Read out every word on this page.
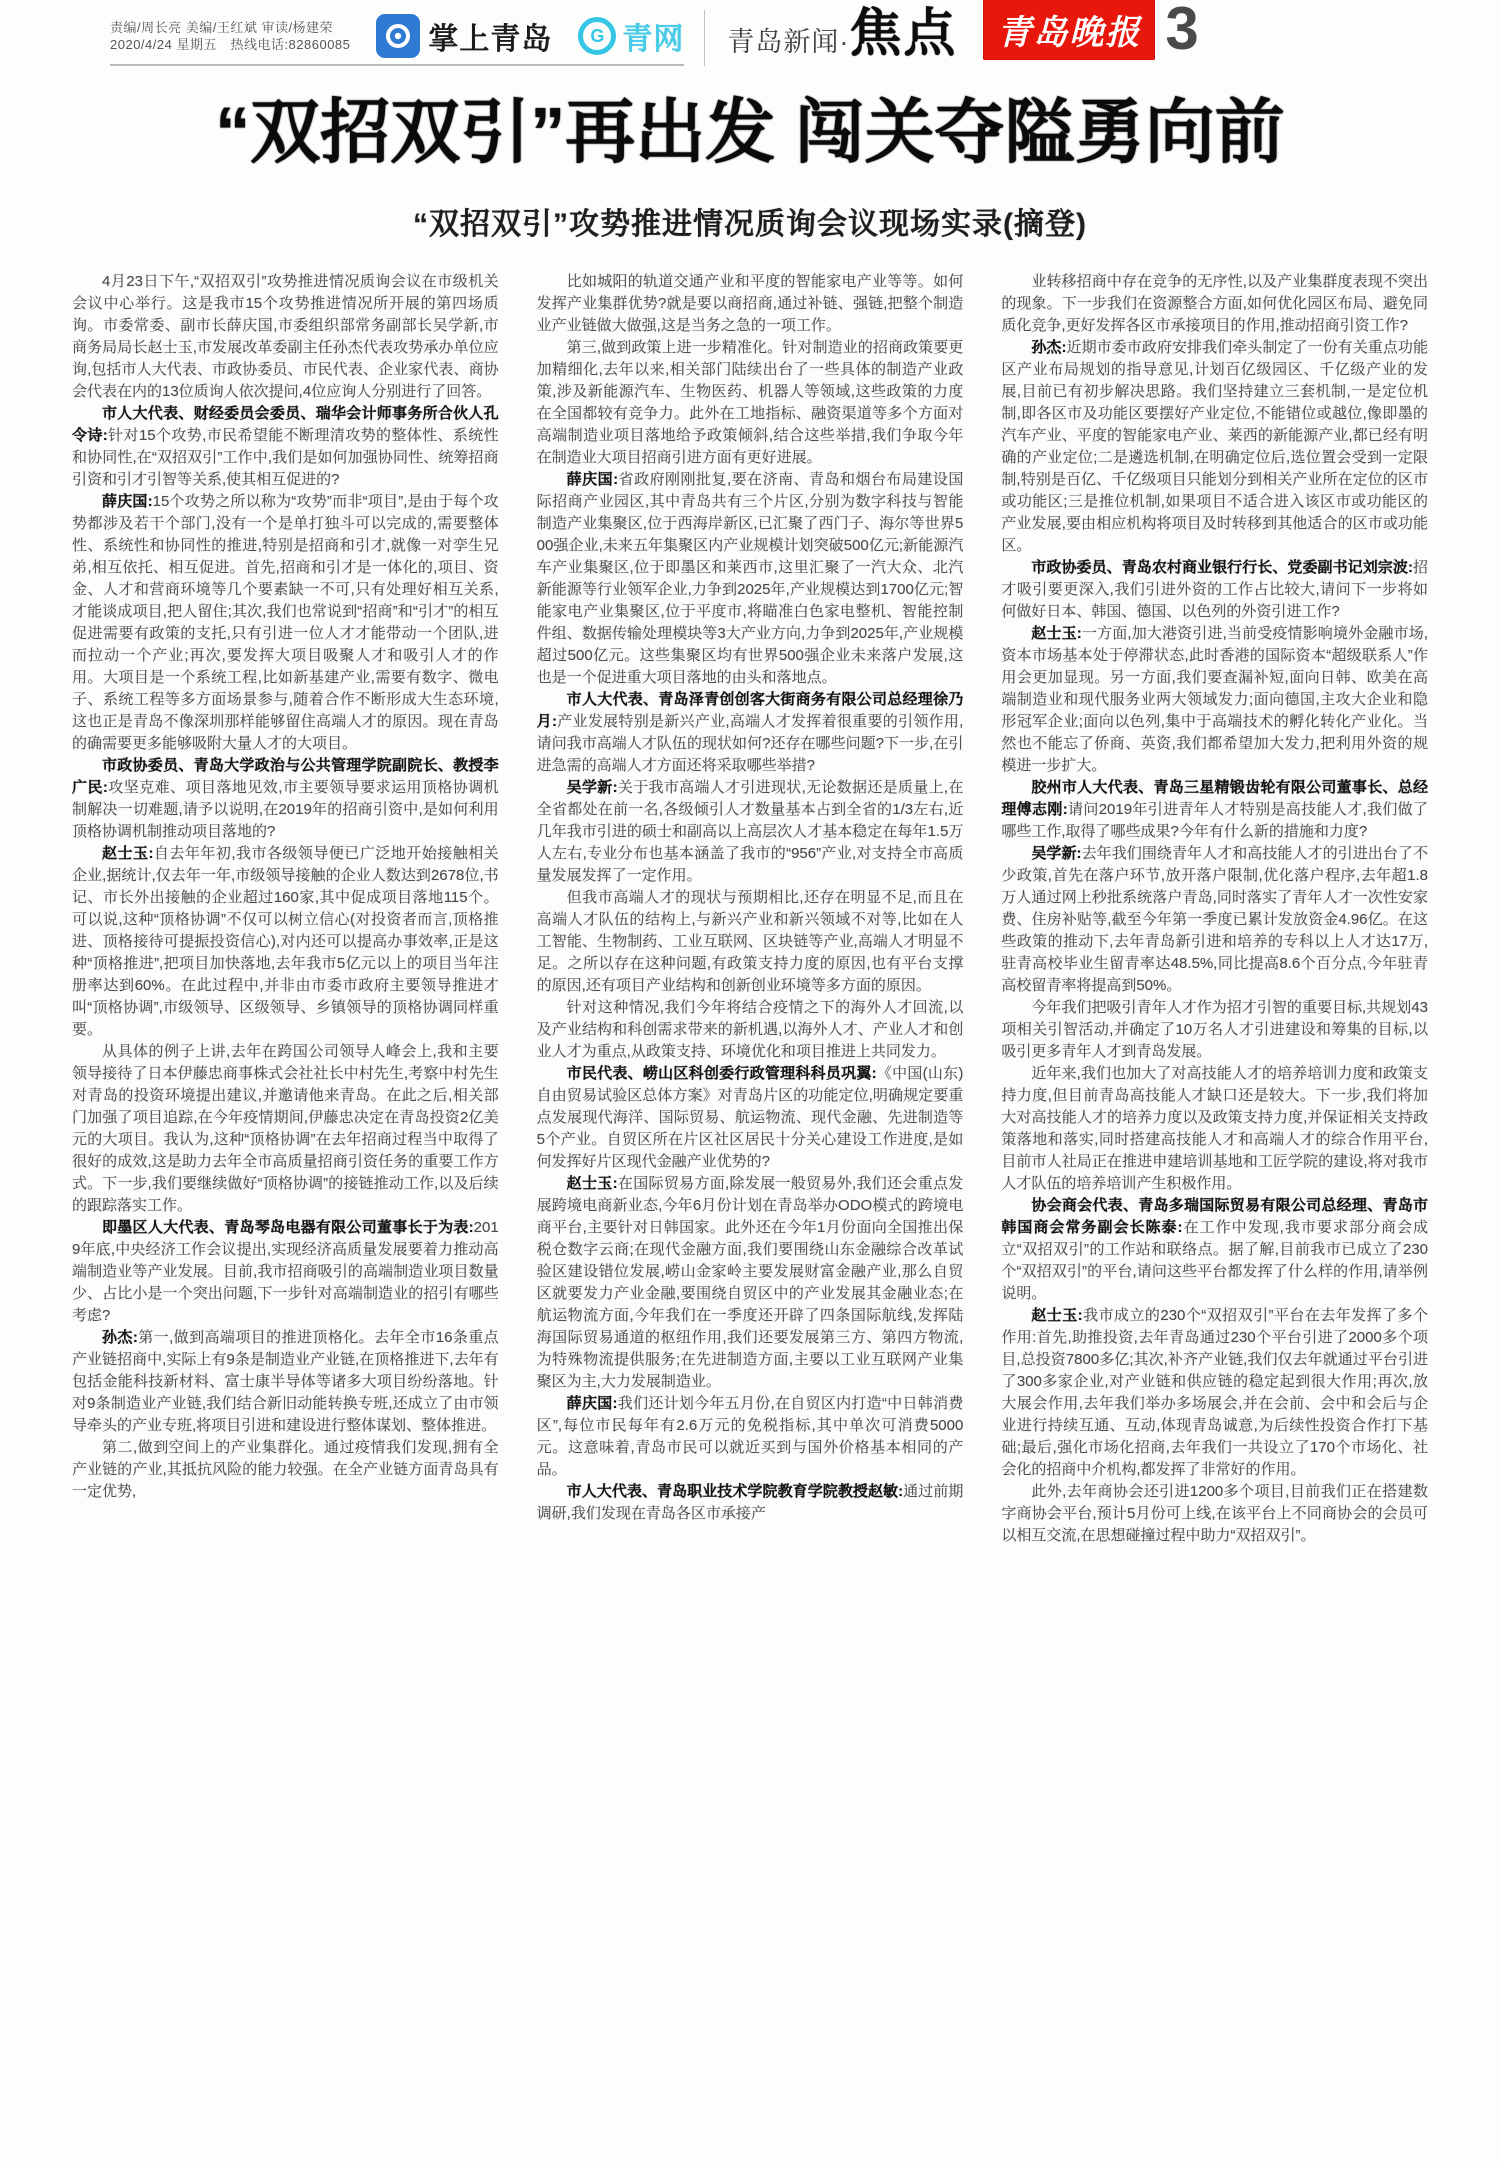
责编/周长亮 美编/王红斌 审读/杨建荣
2020/4/24 星期五　热线电话:82860085	掌上青岛	G 青网 青岛新闻· 焦点	青岛晚报 3
“双招双引”再出发 闯关夺隘勇向前
“双招双引”攻势推进情况质询会议现场实录(摘登)

4月23日下午,“双招双引”攻势推进情况质询会议在市级机关会议中心举行。这是我市15个攻势推进情况所开展的第四场质询。市委常委、副市长薛庆国,市委组织部常务副部长吴学新,市商务局局长赵士玉,市发展改革委副主任孙杰代表攻势承办单位应询,包括市人大代表、市政协委员、市民代表、企业家代表、商协会代表在内的13位质询人依次提问,4位应询人分别进行了回答。

市人大代表、财经委员会委员、瑞华会计师事务所合伙人孔令诗:针对15个攻势,市民希望能不断理清攻势的整体性、系统性和协同性,在“双招双引”工作中,我们是如何加强协同性、统筹招商引资和引才引智等关系,使其相互促进的?

薛庆国:15个攻势之所以称为“攻势”而非“项目”,是由于每个攻势都涉及若干个部门,没有一个是单打独斗可以完成的,需要整体性、系统性和协同性的推进,特别是招商和引才,就像一对孪生兄弟,相互依托、相互促进。首先,招商和引才是一体化的,项目、资金、人才和营商环境等几个要素缺一不可,只有处理好相互关系,才能谈成项目,把人留住;其次,我们也常说到“招商”和“引才”的相互促进需要有政策的支托,只有引进一位人才才能带动一个团队,进而拉动一个产业;再次,要发挥大项目吸聚人才和吸引人才的作用。大项目是一个系统工程,比如新基建产业,需要有数字、微电子、系统工程等多方面场景参与,随着合作不断形成大生态环境,这也正是青岛不像深圳那样能够留住高端人才的原因。现在青岛的确需要更多能够吸附大量人才的大项目。

市政协委员、青岛大学政治与公共管理学院副院长、教授李广民:攻坚克难、项目落地见效,市主要领导要求运用顶格协调机制解决一切难题,请予以说明,在2019年的招商引资中,是如何利用顶格协调机制推动项目落地的?

赵士玉:自去年年初,我市各级领导便已广泛地开始接触相关企业,据统计,仅去年一年,市级领导接触的企业人数达到2678位,书记、市长外出接触的企业超过160家,其中促成项目落地115个。可以说,这种“顶格协调”不仅可以树立信心(对投资者而言,顶格推进、顶格接待可提振投资信心),对内还可以提高办事效率,正是这种“顶格推进”,把项目加快落地,去年我市5亿元以上的项目当年注册率达到60%。在此过程中,并非由市委市政府主要领导推进才叫“顶格协调”,市级领导、区级领导、乡镇领导的顶格协调同样重要。

从具体的例子上讲,去年在跨国公司领导人峰会上,我和主要领导接待了日本伊藤忠商事株式会社社长中村先生,考察中村先生对青岛的投资环境提出建议,并邀请他来青岛。在此之后,相关部门加强了项目追踪,在今年疫情期间,伊藤忠决定在青岛投资2亿美元的大项目。我认为,这种“顶格协调”在去年招商过程当中取得了很好的成效,这是助力去年全市高质量招商引资任务的重要工作方式。下一步,我们要继续做好“顶格协调”的接链推动工作,以及后续的跟踪落实工作。

即墨区人大代表、青岛琴岛电器有限公司董事长于为表:2019年底,中央经济工作会议提出,实现经济高质量发展要着力推动高端制造业等产业发展。目前,我市招商吸引的高端制造业项目数量少、占比小是一个突出问题,下一步针对高端制造业的招引有哪些考虑?

孙杰:第一,做到高端项目的推进顶格化。去年全市16条重点产业链招商中,实际上有9条是制造业产业链,在顶格推进下,去年有包括金能科技新材料、富士康半导体等诸多大项目纷纷落地。针对9条制造业产业链,我们结合新旧动能转换专班,还成立了由市领导牵头的产业专班,将项目引进和建设进行整体谋划、整体推进。

第二,做到空间上的产业集群化。通过疫情我们发现,拥有全产业链的产业,其抵抗风险的能力较强。在全产业链方面青岛具有一定优势,

比如城阳的轨道交通产业和平度的智能家电产业等等。如何发挥产业集群优势?就是要以商招商,通过补链、强链,把整个制造业产业链做大做强,这是当务之急的一项工作。

第三,做到政策上进一步精准化。针对制造业的招商政策要更加精细化,去年以来,相关部门陆续出台了一些具体的制造产业政策,涉及新能源汽车、生物医药、机器人等领域,这些政策的力度在全国都较有竞争力。此外在工地指标、融资渠道等多个方面对高端制造业项目落地给予政策倾斜,结合这些举措,我们争取今年在制造业大项目招商引进方面有更好进展。

薛庆国:省政府刚刚批复,要在济南、青岛和烟台布局建设国际招商产业园区,其中青岛共有三个片区,分别为数字科技与智能制造产业集聚区,位于西海岸新区,已汇聚了西门子、海尔等世界500强企业,未来五年集聚区内产业规模计划突破500亿元;新能源汽车产业集聚区,位于即墨区和莱西市,这里汇聚了一汽大众、北汽新能源等行业领军企业,力争到2025年,产业规模达到1700亿元;智能家电产业集聚区,位于平度市,将瞄准白色家电整机、智能控制件组、数据传输处理模块等3大产业方向,力争到2025年,产业规模超过500亿元。这些集聚区均有世界500强企业未来落户发展,这也是一个促进重大项目落地的由头和落地点。

市人大代表、青岛泽青创创客大街商务有限公司总经理徐乃月:产业发展特别是新兴产业,高端人才发挥着很重要的引领作用,请问我市高端人才队伍的现状如何?还存在哪些问题?下一步,在引进急需的高端人才方面还将采取哪些举措?

吴学新:关于我市高端人才引进现状,无论数据还是质量上,在全省都处在前一名,各级倾引人才数量基本占到全省的1/3左右,近几年我市引进的硕士和副高以上高层次人才基本稳定在每年1.5万人左右,专业分布也基本涵盖了我市的“956”产业,对支持全市高质量发展发挥了一定作用。

但我市高端人才的现状与预期相比,还存在明显不足,而且在高端人才队伍的结构上,与新兴产业和新兴领域不对等,比如在人工智能、生物制药、工业互联网、区块链等产业,高端人才明显不足。之所以存在这种问题,有政策支持力度的原因,也有平台支撑的原因,还有项目产业结构和创新创业环境等多方面的原因。

针对这种情况,我们今年将结合疫情之下的海外人才回流,以及产业结构和科创需求带来的新机遇,以海外人才、产业人才和创业人才为重点,从政策支持、环境优化和项目推进上共同发力。

市民代表、崂山区科创委行政管理科科员巩翼:《中国(山东)自由贸易试验区总体方案》对青岛片区的功能定位,明确规定要重点发展现代海洋、国际贸易、航运物流、现代金融、先进制造等5个产业。自贸区所在片区社区居民十分关心建设工作进度,是如何发挥好片区现代金融产业优势的?

赵士玉:在国际贸易方面,除发展一般贸易外,我们还会重点发展跨境电商新业态,今年6月份计划在青岛举办ODO模式的跨境电商平台,主要针对日韩国家。此外还在今年1月份面向全国推出保税仓数字云商;在现代金融方面,我们要围绕山东金融综合改革试验区建设错位发展,崂山金家岭主要发展财富金融产业,那么自贸区就要发力产业金融,要围绕自贸区中的产业发展其金融业态;在航运物流方面,今年我们在一季度还开辟了四条国际航线,发挥陆海国际贸易通道的枢纽作用,我们还要发展第三方、第四方物流,为特殊物流提供服务;在先进制造方面,主要以工业互联网产业集聚区为主,大力发展制造业。

薛庆国:我们还计划今年五月份,在自贸区内打造“中日韩消费区”,每位市民每年有2.6万元的免税指标,其中单次可消费5000元。这意味着,青岛市民可以就近买到与国外价格基本相同的产品。

市人大代表、青岛职业技术学院教育学院教授赵敏:通过前期调研,我们发现在青岛各区市承接产

业转移招商中存在竞争的无序性,以及产业集群度表现不突出的现象。下一步我们在资源整合方面,如何优化园区布局、避免同质化竞争,更好发挥各区市承接项目的作用,推动招商引资工作?

孙杰:近期市委市政府安排我们牵头制定了一份有关重点功能区产业布局规划的指导意见,计划百亿级园区、千亿级产业的发展,目前已有初步解决思路。我们坚持建立三套机制,一是定位机制,即各区市及功能区要摆好产业定位,不能错位或越位,像即墨的汽车产业、平度的智能家电产业、莱西的新能源产业,都已经有明确的产业定位;二是遴选机制,在明确定位后,选位置会受到一定限制,特别是百亿、千亿级项目只能划分到相关产业所在定位的区市或功能区;三是推位机制,如果项目不适合进入该区市或功能区的产业发展,要由相应机构将项目及时转移到其他适合的区市或功能区。

市政协委员、青岛农村商业银行行长、党委副书记刘宗波:招才吸引要更深入,我们引进外资的工作占比较大,请问下一步将如何做好日本、韩国、德国、以色列的外资引进工作?

赵士玉:一方面,加大港资引进,当前受疫情影响境外金融市场,资本市场基本处于停滞状态,此时香港的国际资本“超级联系人”作用会更加显现。另一方面,我们要查漏补短,面向日韩、欧美在高端制造业和现代服务业两大领域发力;面向德国,主攻大企业和隐形冠军企业;面向以色列,集中于高端技术的孵化转化产业化。当然也不能忘了侨商、英资,我们都希望加大发力,把利用外资的规模进一步扩大。

胶州市人大代表、青岛三星精锻齿轮有限公司董事长、总经理傅志刚:请问2019年引进青年人才特别是高技能人才,我们做了哪些工作,取得了哪些成果?今年有什么新的措施和力度?

吴学新:去年我们围绕青年人才和高技能人才的引进出台了不少政策,首先在落户环节,放开落户限制,优化落户程序,去年超1.8万人通过网上秒批系统落户青岛,同时落实了青年人才一次性安家费、住房补贴等,截至今年第一季度已累计发放资金4.96亿。在这些政策的推动下,去年青岛新引进和培养的专科以上人才达17万,驻青高校毕业生留青率达48.5%,同比提高8.6个百分点,今年驻青高校留青率将提高到50%。

今年我们把吸引青年人才作为招才引智的重要目标,共规划43项相关引智活动,并确定了10万名人才引进建设和筹集的目标,以吸引更多青年人才到青岛发展。

近年来,我们也加大了对高技能人才的培养培训力度和政策支持力度,但目前青岛高技能人才缺口还是较大。下一步,我们将加大对高技能人才的培养力度以及政策支持力度,并保证相关支持政策落地和落实,同时搭建高技能人才和高端人才的综合作用平台,目前市人社局正在推进申建培训基地和工匠学院的建设,将对我市人才队伍的培养培训产生积极作用。

协会商会代表、青岛多瑞国际贸易有限公司总经理、青岛市韩国商会常务副会长陈泰:在工作中发现,我市要求部分商会成立“双招双引”的工作站和联络点。据了解,目前我市已成立了230个“双招双引”的平台,请问这些平台都发挥了什么样的作用,请举例说明。

赵士玉:我市成立的230个“双招双引”平台在去年发挥了多个作用:首先,助推投资,去年青岛通过230个平台引进了2000多个项目,总投资7800多亿;其次,补齐产业链,我们仅去年就通过平台引进了300多家企业,对产业链和供应链的稳定起到很大作用;再次,放大展会作用,去年我们举办多场展会,并在会前、会中和会后与企业进行持续互通、互动,体现青岛诚意,为后续性投资合作打下基础;最后,强化市场化招商,去年我们一共设立了170个市场化、社会化的招商中介机构,都发挥了非常好的作用。

此外,去年商协会还引进1200多个项目,目前我们正在搭建数字商协会平台,预计5月份可上线,在该平台上不同商协会的会员可以相互交流,在思想碰撞过程中助力“双招双引”。
